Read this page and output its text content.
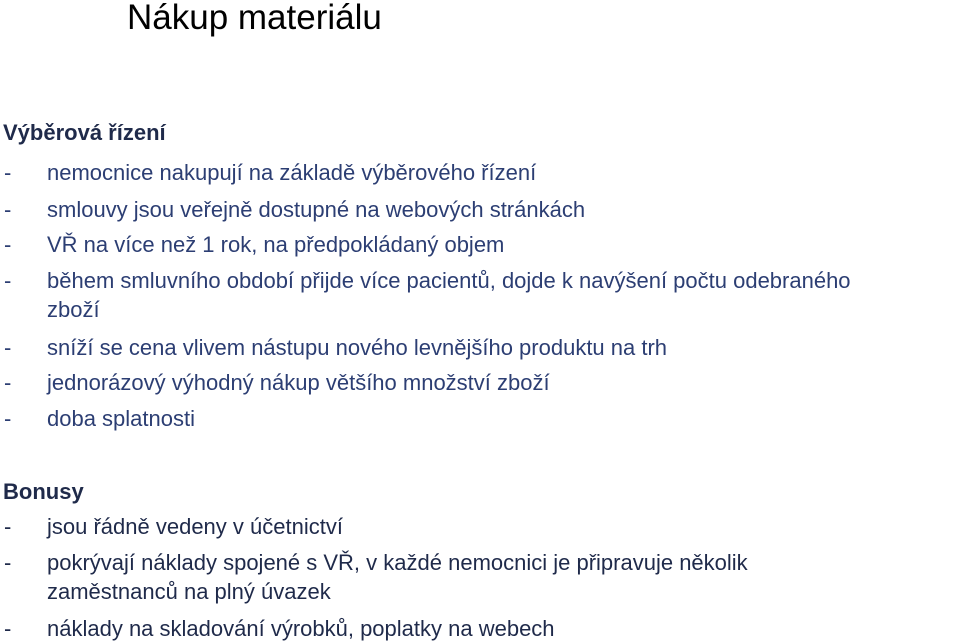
Nákup materiálu
Výběrová řízení
- nemocnice nakupují na základě výběrového řízení
- smlouvy jsou veřejně dostupné na webových stránkách
- VŘ na více než 1 rok, na předpokládaný objem
- během smluvního období přijde více pacientů, dojde k navýšení počtu odebraného
zboží
- sníží se cena vlivem nástupu nového levnějšího produktu na trh
- jednorázový výhodný nákup většího množství zboží
- doba splatnosti
Bonusy
- jsou řádně vedeny v účetnictví
- pokrývají náklady spojené s VŘ, v každé nemocnici je připravuje několik
zaměstnanců na plný úvazek
- náklady na skladování výrobků, poplatky na webech
